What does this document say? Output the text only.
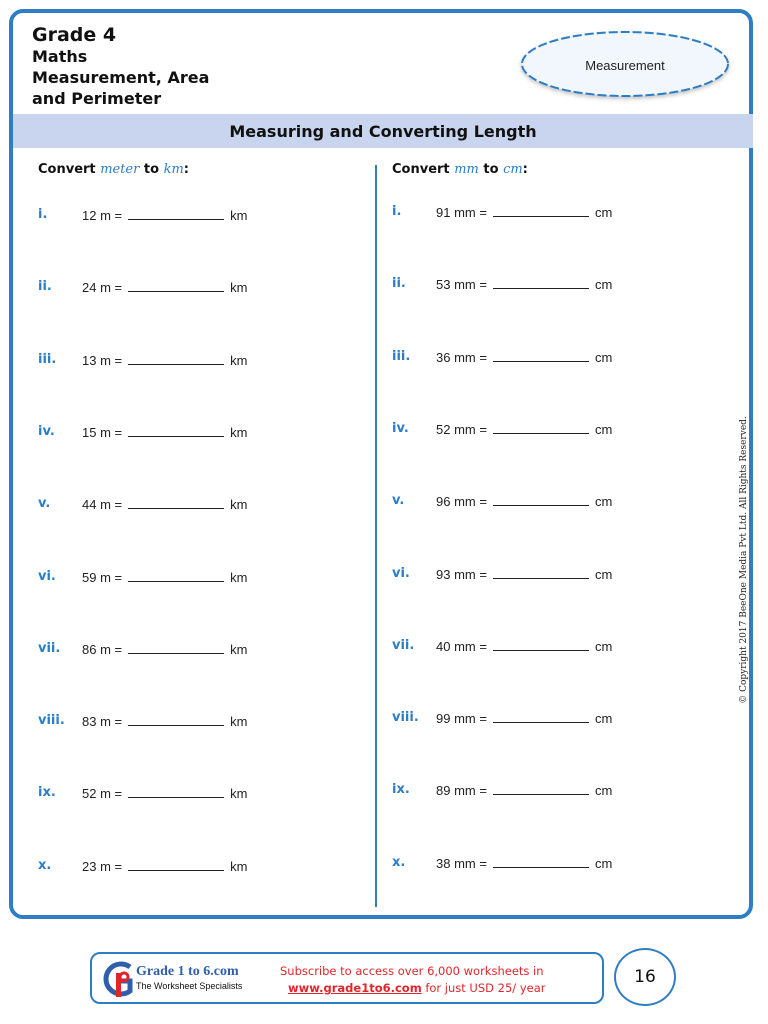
Grade 4
Maths
Measurement, Area
and Perimeter
Measurement
Measuring and Converting Length
Convert meter to km:	Convert mm to cm:
i.	12 m =	km
ii. 24 m =	km
iii. 13 m =	km
iv. 15 m =	km
v. 44 m =	km
vi. 59 m =	km
vii. 86 m =	km
viii. 83 m =	km
ix. 52 m =	km
x. 23 m =	km
i.	91 mm =	cm
ii. 53 mm =	cm
iii. 36 mm =	cm
iv. 52 mm =	cm
v. 96 mm =	cm
vi. 93 mm =	cm
vii. 40 mm =	cm
viii. 99 mm =	cm
ix. 89 mm =	cm
x. 38 mm =	cm
© Copyright 2017 BeeOne Media Pvt Ltd. All Rights Reserved.
Grade 1 to 6.com
The Worksheet Specialists
Subscribe to access over 6,000 worksheets in
www.grade1to6.com for just USD 25/ year
16
